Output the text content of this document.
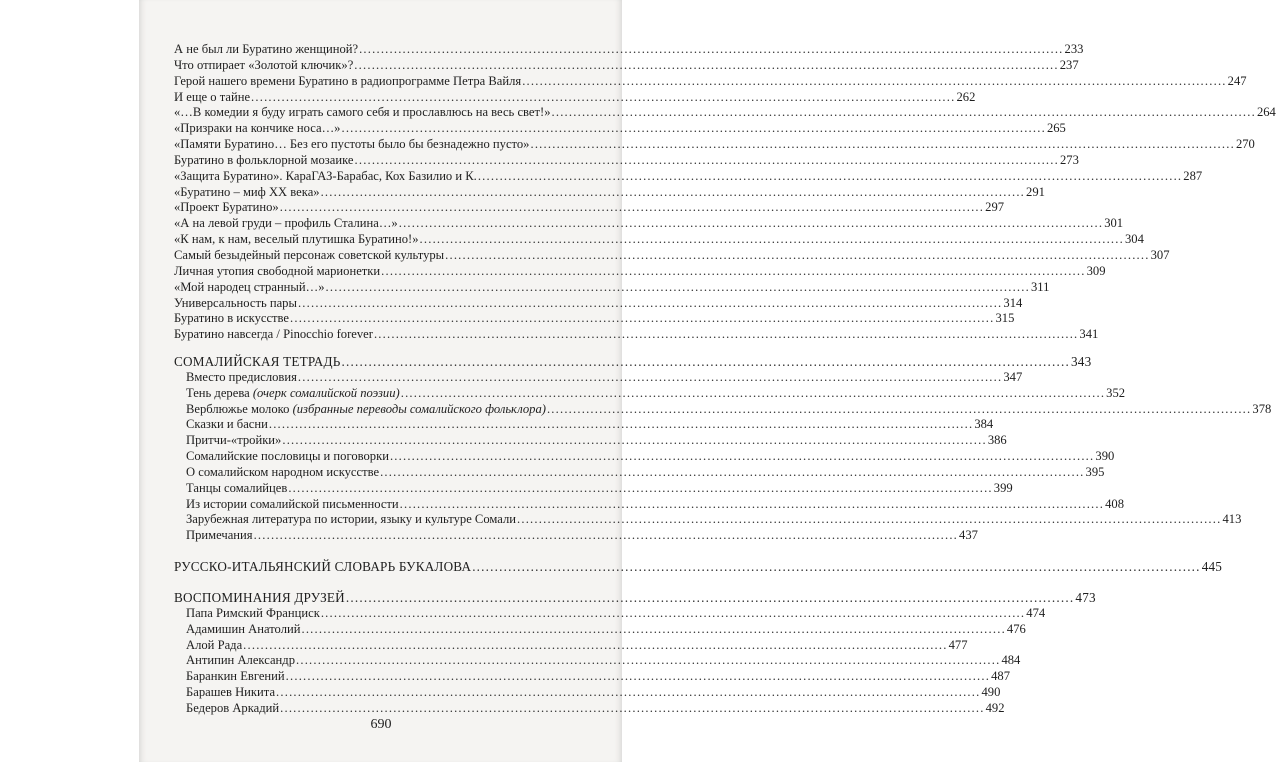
А не был ли Буратино женщиной? .....	233
Что отпирает «Золотой ключик»? .....	237
Герой нашего времени Буратино в радиопрограмме Петра Вайля .....	247
И еще о тайне .....	262
«…В комедии я буду играть самого себя и прославлюсь на весь свет!» .....	264
«Призраки на кончике носа…» .....	265
«Памяти Буратино… Без его пустоты было бы безнадежно пусто» .....	270
Буратино в фольклорной мозаике .....	273
«Защита Буратино». КараГАЗ-Барабас, Кох Базилио и К. .....	287
«Буратино – миф XX века» .....	291
«Проект Буратино» .....	297
«А на левой груди – профиль Сталина…» .....	301
«К нам, к нам, веселый плутишка Буратино!» .....	304
Самый безыдейный персонаж советской культуры .....	307
Личная утопия свободной марионетки .....	309
«Мой народец странный…» .....	311
Универсальность пары .....	314
Буратино в искусстве .....	315
Буратино навсегда / Pinocchio forever .....	341
СОМАЛИЙСКАЯ ТЕТРАДЬ .....	343
Вместо предисловия .....	347
Тень дерева (очерк сомалийской поэзии) .....	352
Верблюжье молоко (избранные переводы сомалийского фольклора) .....	378
Сказки и басни .....	384
Притчи-«тройки» .....	386
Сомалийские пословицы и поговорки .....	390
О сомалийском народном искусстве .....	395
Танцы сомалийцев .....	399
Из истории сомалийской письменности .....	408
Зарубежная литература по истории, языку и культуре Сомали .....	413
Примечания .....	437
РУССКО-ИТАЛЬЯНСКИЙ СЛОВАРЬ БУКАЛОВА .....	445
ВОСПОМИНАНИЯ ДРУЗЕЙ .....	473
Папа Римский Франциск .....	474
Адамишин Анатолий .....	476
Алой Рада .....	477
Антипин Александр .....	484
Баранкин Евгений .....	487
Барашев Никита .....	490
Бедеров Аркадий .....	492
690
